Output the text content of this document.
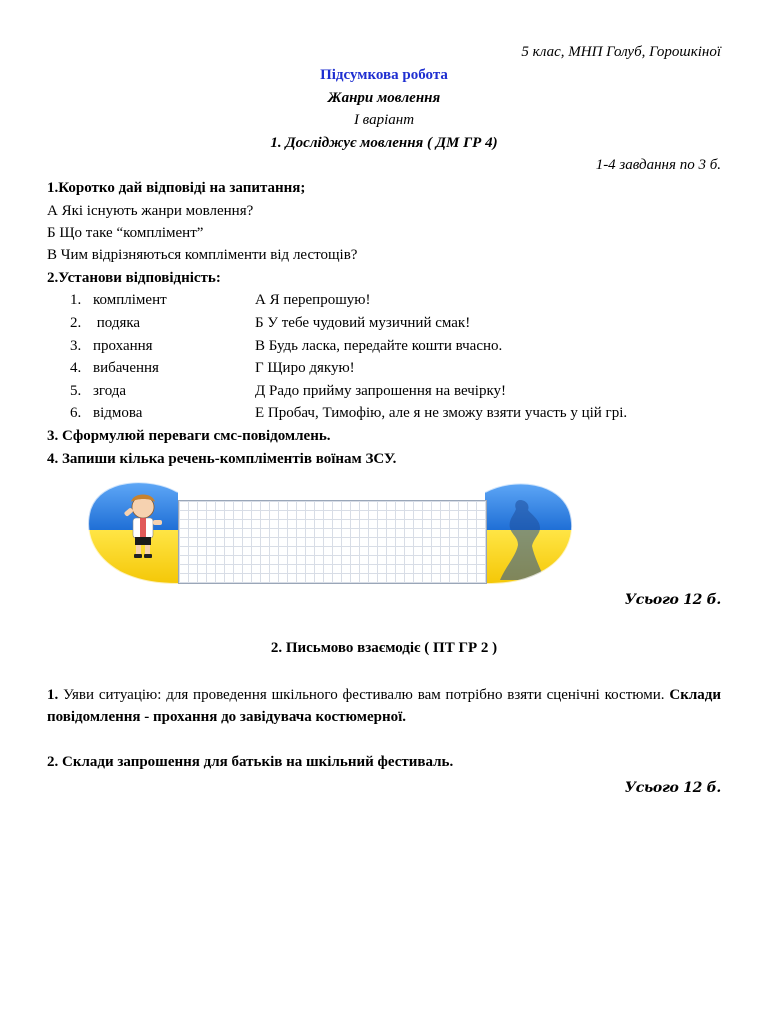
5 клас, МНП Голуб, Горошкіної
Підсумкова робота
Жанри мовлення
І варіант
1. Досліджує мовлення ( ДМ ГР 4)
1-4 завдання по 3 б.
1.Коротко дай відповіді на запитання;
А Які існують жанри мовлення?
Б Що таке “комплімент”
В Чим відрізняються компліменти від лестощів?
2.Установи відповідність:
1. комплімент	А Я перепрошую!
2. подяка	Б У тебе чудовий музичний смак!
3. прохання	В Будь ласка, передайте кошти вчасно.
4. вибачення	Г Щиро дякую!
5. згода	Д Радо прийму запрошення на вечірку!
6. відмова	Е Пробач, Тимофію, але я не зможу взяти участь у цій грі.
3. Сформулюй переваги смс-повідомлень.
4. Запиши кілька речень-компліментів воїнам ЗСУ.
Усього 12 б.
2. Письмово взаємодіє ( ПТ ГР 2 )
1. Уяви ситуацію: для проведення шкільного фестивалю вам потрібно взяти сценічні костюми. Склади повідомлення - прохання до завідувача костюмерної.
2. Склади запрошення для батьків на шкільний фестиваль.
Усього 12 б.
